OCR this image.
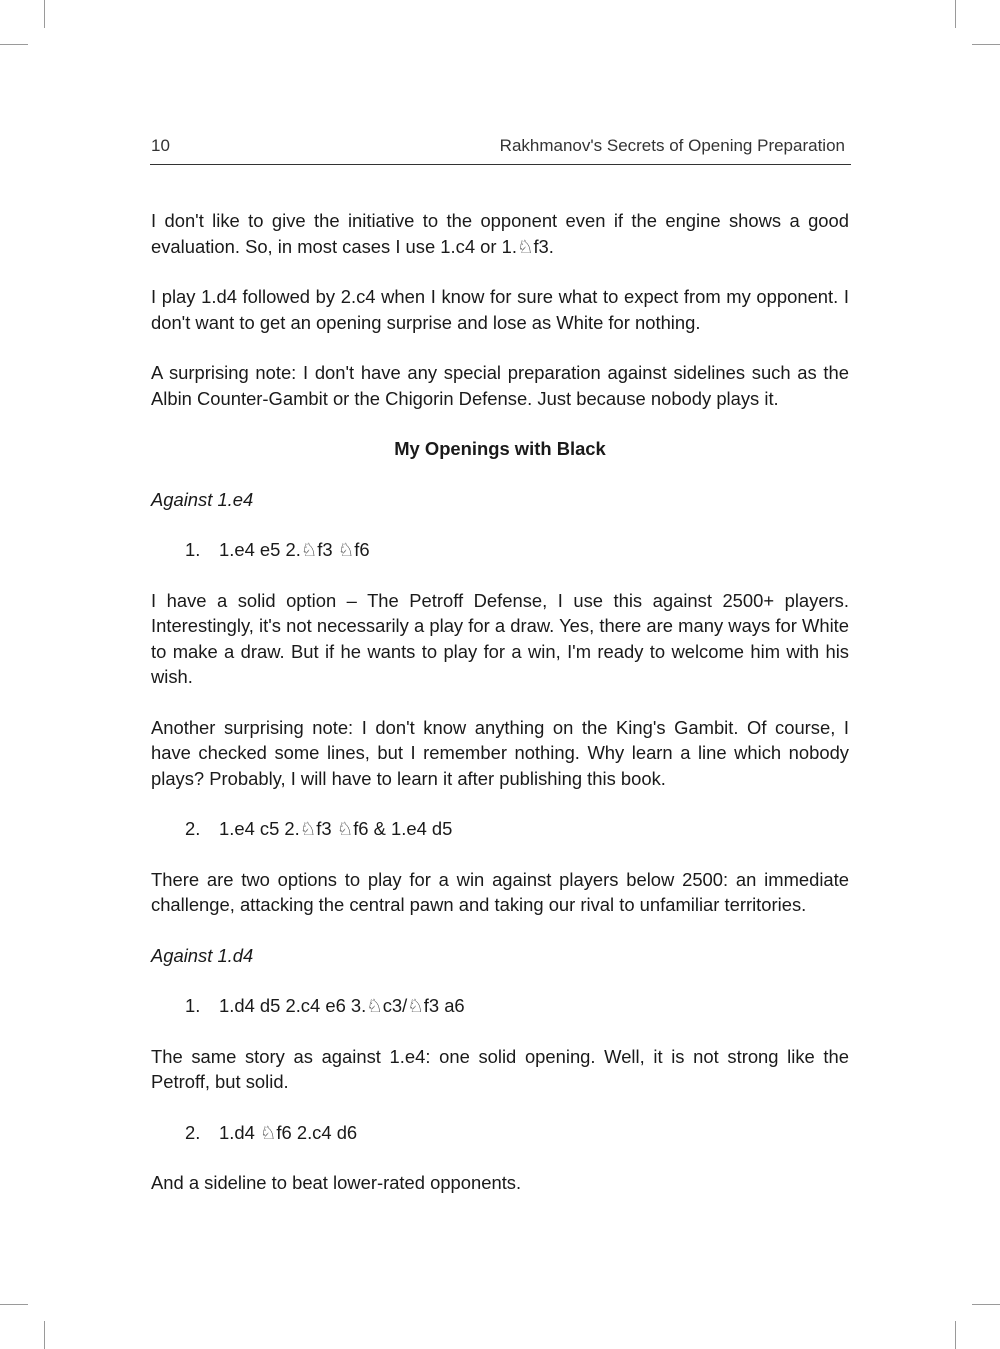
10	Rakhmanov's Secrets of Opening Preparation

I don't like to give the initiative to the opponent even if the engine shows a good evaluation. So, in most cases I use 1.c4 or 1.♘f3.

I play 1.d4 followed by 2.c4 when I know for sure what to expect from my opponent. I don't want to get an opening surprise and lose as White for nothing.

A surprising note: I don't have any special preparation against sidelines such as the Albin Counter-Gambit or the Chigorin Defense. Just because nobody plays it.

My Openings with Black
Against 1.e4
1.	1.e4 e5 2.♘f3 ♘f6

I have a solid option – The Petroff Defense, I use this against 2500+ players. Interestingly, it's not necessarily a play for a draw. Yes, there are many ways for White to make a draw. But if he wants to play for a win, I'm ready to welcome him with his wish.

Another surprising note: I don't know anything on the King's Gambit. Of course, I have checked some lines, but I remember nothing. Why learn a line which nobody plays? Probably, I will have to learn it after publishing this book.

2.	1.e4 c5 2.♘f3 ♘f6 & 1.e4 d5

There are two options to play for a win against players below 2500: an immediate challenge, attacking the central pawn and taking our rival to unfamiliar territories.

Against 1.d4
1.	1.d4 d5 2.c4 e6 3.♘c3/♘f3 a6

The same story as against 1.e4: one solid opening. Well, it is not strong like the Petroff, but solid.

2.	1.d4 ♘f6 2.c4 d6

And a sideline to beat lower-rated opponents.
